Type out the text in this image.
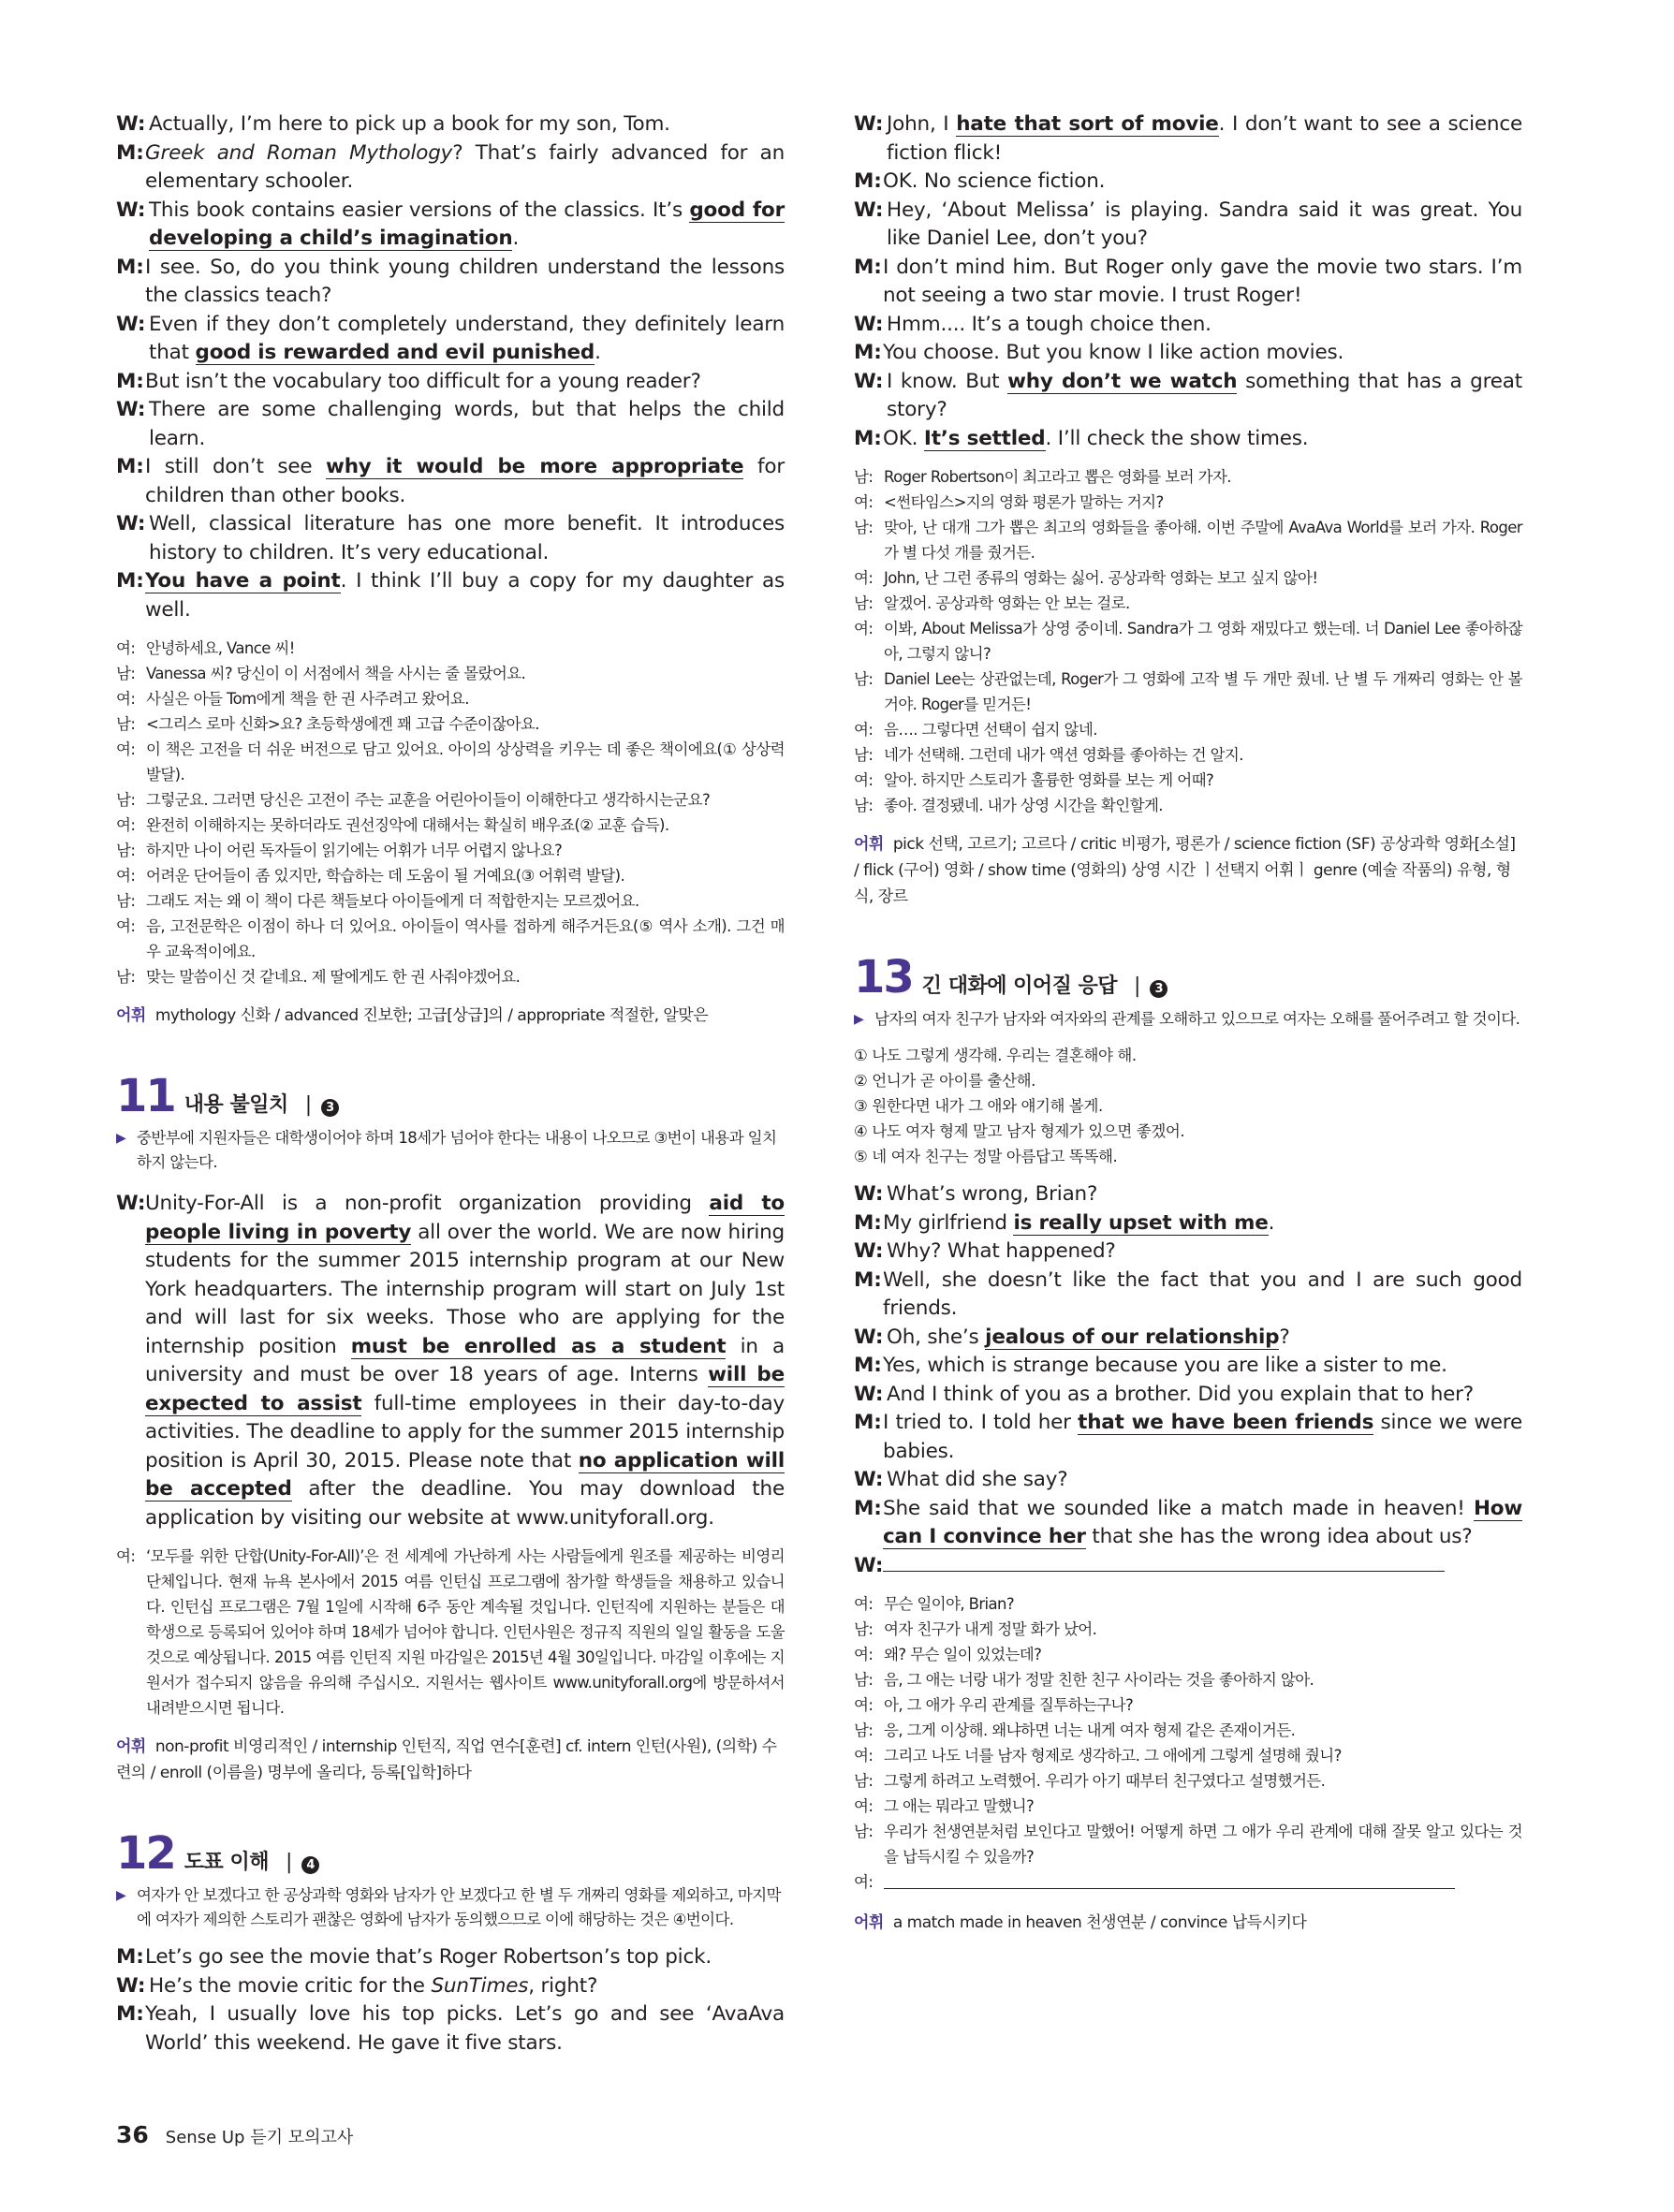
W: Actually, I’m here to pick up a book for my son, Tom.
M: Greek and Roman Mythology? That’s fairly advanced for an elementary schooler.
W: This book contains easier versions of the classics. It’s good for developing a child’s imagination.
M: I see. So, do you think young children understand the lessons the classics teach?
W: Even if they don’t completely understand, they definitely learn that good is rewarded and evil punished.
M: But isn’t the vocabulary too difficult for a young reader?
W: There are some challenging words, but that helps the child learn.
M: I still don’t see why it would be more appropriate for children than other books.
W: Well, classical literature has one more benefit. It introduces history to children. It’s very educational.
M: You have a point. I think I’ll buy a copy for my daughter as well.
여: 안녕하세요, Vance 씨!
남: Vanessa 씨? 당신이 이 서점에서 책을 사시는 줄 몰랐어요.
여: 사실은 아들 Tom에게 책을 한 권 사주려고 왔어요.
남: <그리스 로마 신화>요? 초등학생에겐 꽤 고급 수준이잖아요.
여: 이 책은 고전을 더 쉬운 버전으로 담고 있어요. 아이의 상상력을 키우는 데 좋은 책이에요(① 상상력 발달).
남: 그렇군요. 그러면 당신은 고전이 주는 교훈을 어린아이들이 이해한다고 생각하시는군요?
여: 완전히 이해하지는 못하더라도 권선징악에 대해서는 확실히 배우죠(② 교훈 습득).
남: 하지만 나이 어린 독자들이 읽기에는 어휘가 너무 어렵지 않나요?
여: 어려운 단어들이 좀 있지만, 학습하는 데 도움이 될 거예요(③ 어휘력 발달).
남: 그래도 저는 왜 이 책이 다른 책들보다 아이들에게 더 적합한지는 모르겠어요.
여: 음, 고전문학은 이점이 하나 더 있어요. 아이들이 역사를 접하게 해주거든요(⑤ 역사 소개). 그건 매우 교육적이에요.
남: 맞는 말씀이신 것 같네요. 제 딸에게도 한 권 사줘야겠어요.
어휘 mythology 신화 / advanced 진보한; 고급[상급]의 / appropriate 적절한, 알맞은
11 내용 불일치 |	3
▶ 중반부에 지원자들은 대학생이어야 하며 18세가 넘어야 한다는 내용이 나오므로 ③번이 내용과 일치하지 않는다.
W: Unity-For-All is a non-profit organization providing aid to people living in poverty all over the world. We are now hiring students for the summer 2015 internship program at our New York headquarters. The internship program will start on July 1st and will last for six weeks. Those who are applying for the internship position must be enrolled as a student in a university and must be over 18 years of age. Interns will be expected to assist full-time employees in their day-to-day activities. The deadline to apply for the summer 2015 internship position is April 30, 2015. Please note that no application will be accepted after the deadline. You may download the application by visiting our website at www.unityforall.org.
여: ‘모두를 위한 단합(Unity-For-All)’은 전 세계에 가난하게 사는 사람들에게 원조를 제공하는 비영리 단체입니다. 현재 뉴욕 본사에서 2015 여름 인턴십 프로그램에 참가할 학생들을 채용하고 있습니다. 인턴십 프로그램은 7월 1일에 시작해 6주 동안 계속될 것입니다. 인턴직에 지원하는 분들은 대학생으로 등록되어 있어야 하며 18세가 넘어야 합니다. 인턴사원은 정규직 직원의 일일 활동을 도울 것으로 예상됩니다. 2015 여름 인턴직 지원 마감일은 2015년 4월 30일입니다. 마감일 이후에는 지원서가 접수되지 않음을 유의해 주십시오. 지원서는 웹사이트 www.unityforall.org에 방문하셔서 내려받으시면 됩니다.
어휘 non-profit 비영리적인 / internship 인턴직, 직업 연수[훈련] cf. intern 인턴(사원), (의학) 수련의 / enroll (이름을) 명부에 올리다, 등록[입학]하다
12 도표 이해 |	4
▶ 여자가 안 보겠다고 한 공상과학 영화와 남자가 안 보겠다고 한 별 두 개짜리 영화를 제외하고, 마지막에 여자가 제의한 스토리가 괜찮은 영화에 남자가 동의했으므로 이에 해당하는 것은 ④번이다.
M: Let’s go see the movie that’s Roger Robertson’s top pick.
W: He’s the movie critic for the SunTimes, right?
M: Yeah, I usually love his top picks. Let’s go and see ‘AvaAva World’ this weekend. He gave it five stars.
W: John, I hate that sort of movie. I don’t want to see a science fiction flick!
M: OK. No science fiction.
W: Hey, ‘About Melissa’ is playing. Sandra said it was great. You like Daniel Lee, don’t you?
M: I don’t mind him. But Roger only gave the movie two stars. I’m not seeing a two star movie. I trust Roger!
W: Hmm.... It’s a tough choice then.
M: You choose. But you know I like action movies.
W: I know. But why don’t we watch something that has a great story?
M: OK. It’s settled. I’ll check the show times.
남: Roger Robertson이 최고라고 뽑은 영화를 보러 가자.
여: <썬타임스>지의 영화 평론가 말하는 거지?
남: 맞아, 난 대개 그가 뽑은 최고의 영화들을 좋아해. 이번 주말에 AvaAva World를 보러 가자. Roger가 별 다섯 개를 줬거든.
여: John, 난 그런 종류의 영화는 싫어. 공상과학 영화는 보고 싶지 않아!
남: 알겠어. 공상과학 영화는 안 보는 걸로.
여: 이봐, About Melissa가 상영 중이네. Sandra가 그 영화 재밌다고 했는데. 너 Daniel Lee 좋아하잖아, 그렇지 않니?
남: Daniel Lee는 상관없는데, Roger가 그 영화에 고작 별 두 개만 줬네. 난 별 두 개짜리 영화는 안 볼 거야. Roger를 믿거든!
여: 음…. 그렇다면 선택이 쉽지 않네.
남: 네가 선택해. 그런데 내가 액션 영화를 좋아하는 건 알지.
여: 알아. 하지만 스토리가 훌륭한 영화를 보는 게 어때?
남: 좋아. 결정됐네. 내가 상영 시간을 확인할게.
어휘 pick 선택, 고르기; 고르다 / critic 비평가, 평론가 / science fiction (SF) 공상과학 영화[소설] / flick (구어) 영화 / show time (영화의) 상영 시간 ㅣ선택지 어휘ㅣ genre (예술 작품의) 유형, 형식, 장르
13 긴 대화에 이어질 응답 |	3
▶ 남자의 여자 친구가 남자와 여자와의 관계를 오해하고 있으므로 여자는 오해를 풀어주려고 할 것이다.
① 나도 그렇게 생각해. 우리는 결혼해야 해.
② 언니가 곧 아이를 출산해.
③ 원한다면 내가 그 애와 얘기해 볼게.
④ 나도 여자 형제 말고 남자 형제가 있으면 좋겠어.
⑤ 네 여자 친구는 정말 아름답고 똑똑해.
W: What’s wrong, Brian?
M: My girlfriend is really upset with me.
W: Why? What happened?
M: Well, she doesn’t like the fact that you and I are such good friends.
W: Oh, she’s jealous of our relationship?
M: Yes, which is strange because you are like a sister to me.
W: And I think of you as a brother. Did you explain that to her?
M: I tried to. I told her that we have been friends since we were babies.
W: What did she say?
M: She said that we sounded like a match made in heaven! How can I convince her that she has the wrong idea about us?
W:
여: 무슨 일이야, Brian?
남: 여자 친구가 내게 정말 화가 났어.
여: 왜? 무슨 일이 있었는데?
남: 음, 그 애는 너랑 내가 정말 친한 친구 사이라는 것을 좋아하지 않아.
여: 아, 그 애가 우리 관계를 질투하는구나?
남: 응, 그게 이상해. 왜냐하면 너는 내게 여자 형제 같은 존재이거든.
여: 그리고 나도 너를 남자 형제로 생각하고. 그 애에게 그렇게 설명해 줬니?
남: 그렇게 하려고 노력했어. 우리가 아기 때부터 친구였다고 설명했거든.
여: 그 애는 뭐라고 말했니?
남: 우리가 천생연분처럼 보인다고 말했어! 어떻게 하면 그 애가 우리 관계에 대해 잘못 알고 있다는 것을 납득시킬 수 있을까?
여:
어휘 a match made in heaven 천생연분 / convince 납득시키다
36 Sense Up 듣기 모의고사
